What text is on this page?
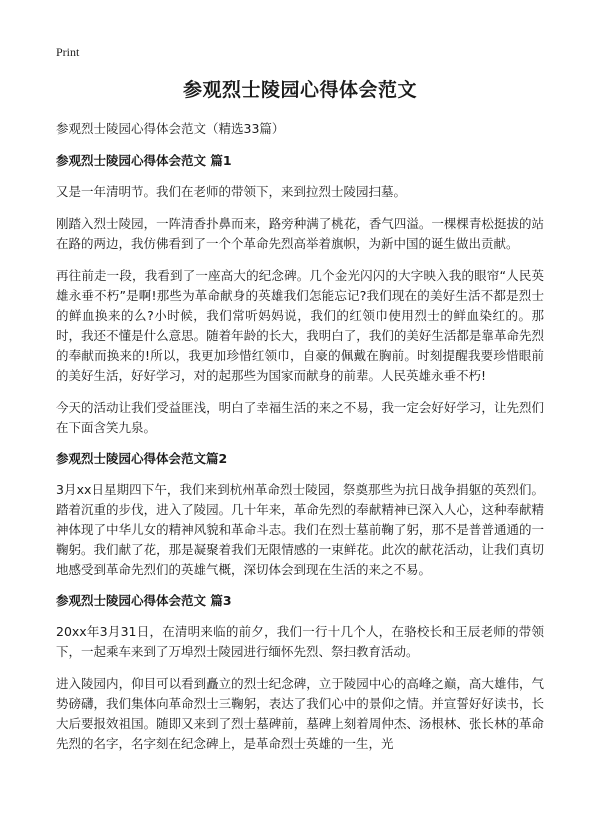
Print
参观烈士陵园心得体会范文
参观烈士陵园心得体会范文（精选33篇）
参观烈士陵园心得体会范文 篇1

又是一年清明节。我们在老师的带领下，来到拉烈士陵园扫墓。

刚踏入烈士陵园，一阵清香扑鼻而来，路旁种满了桃花，香气四溢。一棵棵青松挺拔的站在路的两边，我仿佛看到了一个个革命先烈高举着旗帜，为新中国的诞生做出贡献。

再往前走一段，我看到了一座高大的纪念碑。几个金光闪闪的大字映入我的眼帘“人民英雄永垂不朽”是啊!那些为革命献身的英雄我们怎能忘记?我们现在的美好生活不都是烈士的鲜血换来的么?小时候，我们常听妈妈说，我们的红领巾使用烈士的鲜血染红的。那时，我还不懂是什么意思。随着年龄的长大，我明白了，我们的美好生活都是靠革命先烈的奉献而换来的!所以，我更加珍惜红领巾，自豪的佩戴在胸前。时刻提醒我要珍惜眼前的美好生活，好好学习，对的起那些为国家而献身的前辈。人民英雄永垂不朽!

今天的活动让我们受益匪浅，明白了幸福生活的来之不易，我一定会好好学习，让先烈们在下面含笑九泉。

参观烈士陵园心得体会范文篇2

3月xx日星期四下午，我们来到杭州革命烈士陵园，祭奠那些为抗日战争捐躯的英烈们。踏着沉重的步伐，进入了陵园。几十年来，革命先烈的奉献精神已深入人心，这种奉献精神体现了中华儿女的精神风貌和革命斗志。我们在烈士墓前鞠了躬，那不是普普通通的一鞠躬。我们献了花，那是凝聚着我们无限情感的一束鲜花。此次的献花活动，让我们真切地感受到革命先烈们的英雄气概，深切体会到现在生活的来之不易。

参观烈士陵园心得体会范文 篇3

20xx年3月31日，在清明来临的前夕，我们一行十几个人，在骆校长和王辰老师的带领下，一起乘车来到了万埠烈士陵园进行缅怀先烈、祭扫教育活动。

进入陵园内，仰目可以看到矗立的烈士纪念碑，立于陵园中心的高峰之巅，高大雄伟，气势磅礴，我们集体向革命烈士三鞠躬，表达了我们心中的景仰之情。并宣誓好好读书，长大后要报效祖国。随即又来到了烈士墓碑前，墓碑上刻着周仲杰、汤根林、张长林的革命先烈的名字，名字刻在纪念碑上，是革命烈士英雄的一生，光
